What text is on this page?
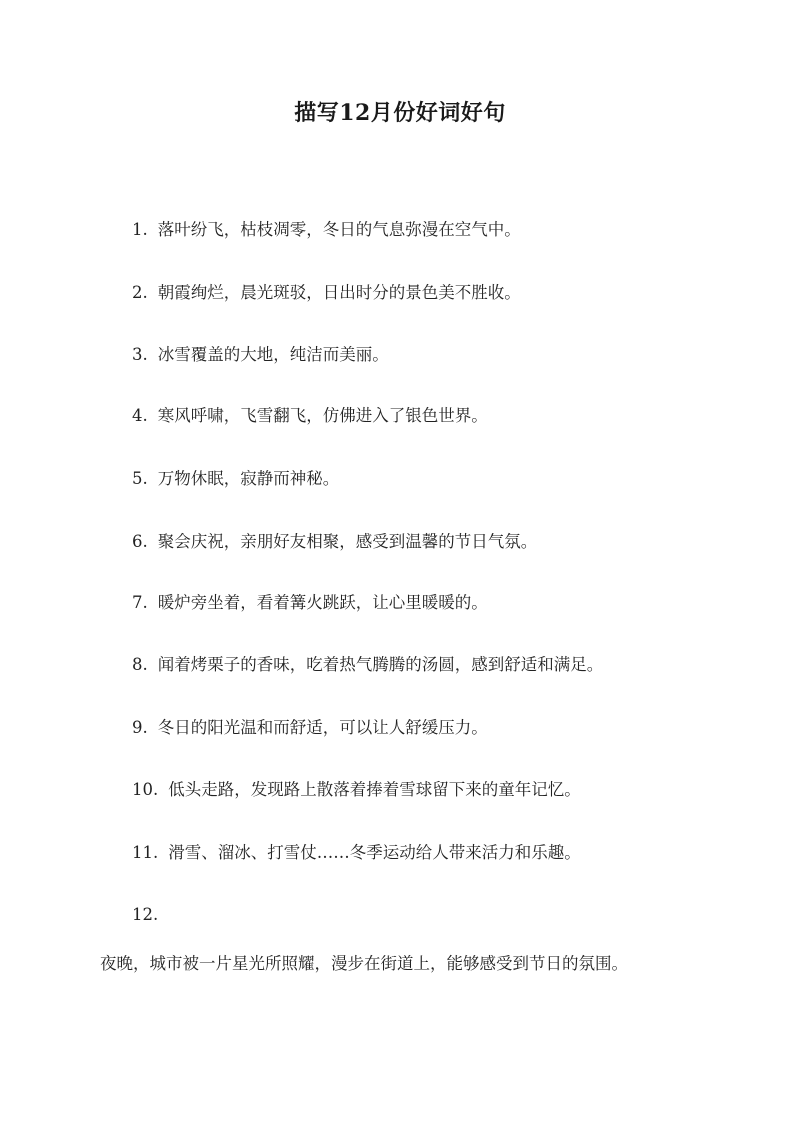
描写12月份好词好句
1. 落叶纷飞，枯枝凋零，冬日的气息弥漫在空气中。
2. 朝霞绚烂，晨光斑驳，日出时分的景色美不胜收。
3. 冰雪覆盖的大地，纯洁而美丽。
4. 寒风呼啸，飞雪翻飞，仿佛进入了银色世界。
5. 万物休眠，寂静而神秘。
6. 聚会庆祝，亲朋好友相聚，感受到温馨的节日气氛。
7. 暖炉旁坐着，看着篝火跳跃，让心里暖暖的。
8. 闻着烤栗子的香味，吃着热气腾腾的汤圆，感到舒适和满足。
9. 冬日的阳光温和而舒适，可以让人舒缓压力。
10. 低头走路，发现路上散落着捧着雪球留下来的童年记忆。
11. 滑雪、溜冰、打雪仗……冬季运动给人带来活力和乐趣。
12.
夜晚，城市被一片星光所照耀，漫步在街道上，能够感受到节日的氛围。
